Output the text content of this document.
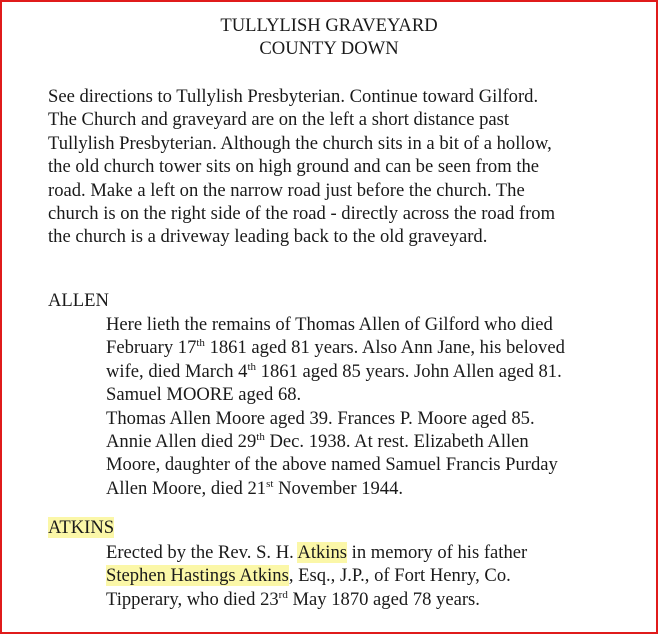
TULLYLISH GRAVEYARD
COUNTY DOWN
See directions to Tullylish Presbyterian. Continue toward Gilford.
The Church and graveyard are on the left a short distance past
Tullylish Presbyterian. Although the church sits in a bit of a hollow,
the old church tower sits on high ground and can be seen from the
road. Make a left on the narrow road just before the church. The
church is on the right side of the road - directly across the road from
the church is a driveway leading back to the old graveyard.
ALLEN
Here lieth the remains of Thomas Allen of Gilford who died
February 17th 1861 aged 81 years. Also Ann Jane, his beloved
wife, died March 4th 1861 aged 85 years. John Allen aged 81.
Samuel MOORE aged 68.
Thomas Allen Moore aged 39. Frances P. Moore aged 85.
Annie Allen died 29th Dec. 1938. At rest. Elizabeth Allen
Moore, daughter of the above named Samuel Francis Purday
Allen Moore, died 21st November 1944.
ATKINS
Erected by the Rev. S. H. Atkins in memory of his father
Stephen Hastings Atkins, Esq., J.P., of Fort Henry, Co.
Tipperary, who died 23rd May 1870 aged 78 years.
